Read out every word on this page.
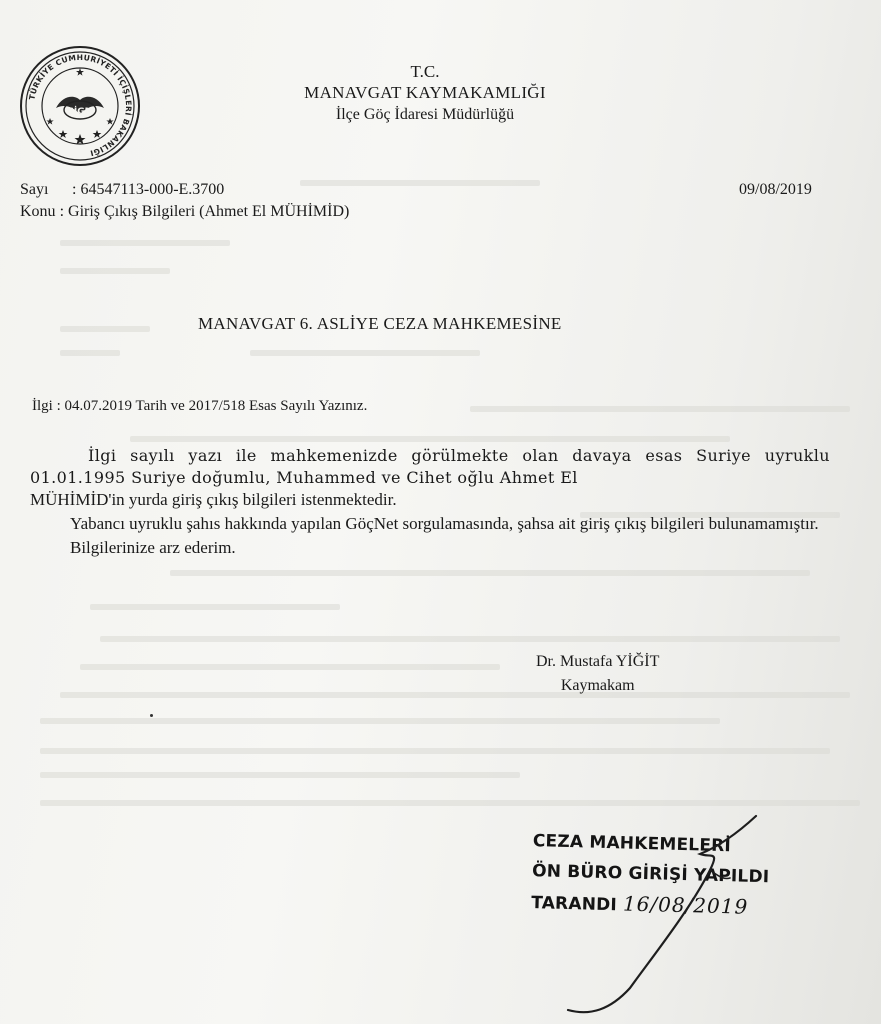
TÜRKİYE CUMHURİYETİ İÇİŞLERİ BAKANLIĞI
GİGM
T.C.
MANAVGAT KAYMAKAMLIĞI
İlçe Göç İdaresi Müdürlüğü
Sayı : 64547113-000-E.3700
Konu : Giriş Çıkış Bilgileri (Ahmet El MÜHİMİD)
09/08/2019
MANAVGAT 6. ASLİYE CEZA MAHKEMESİNE
İlgi : 04.07.2019 Tarih ve 2017/518 Esas Sayılı Yazınız.
İlgi sayılı yazı ile mahkemenizde görülmekte olan davaya esas Suriye uyruklu 01.01.1995 Suriye doğumlu, Muhammed ve Cihet oğlu Ahmet El
MÜHİMİD'in yurda giriş çıkış bilgileri istenmektedir.
Yabancı uyruklu şahıs hakkında yapılan GöçNet sorgulamasında, şahsa ait giriş çıkış bilgileri bulunamamıştır.
Bilgilerinize arz ederim.
Dr. Mustafa YİĞİT
Kaymakam
CEZA MAHKEMELERİ
ÖN BÜRO GİRİŞİ YAPILDI
TARANDI 16/08/2019
